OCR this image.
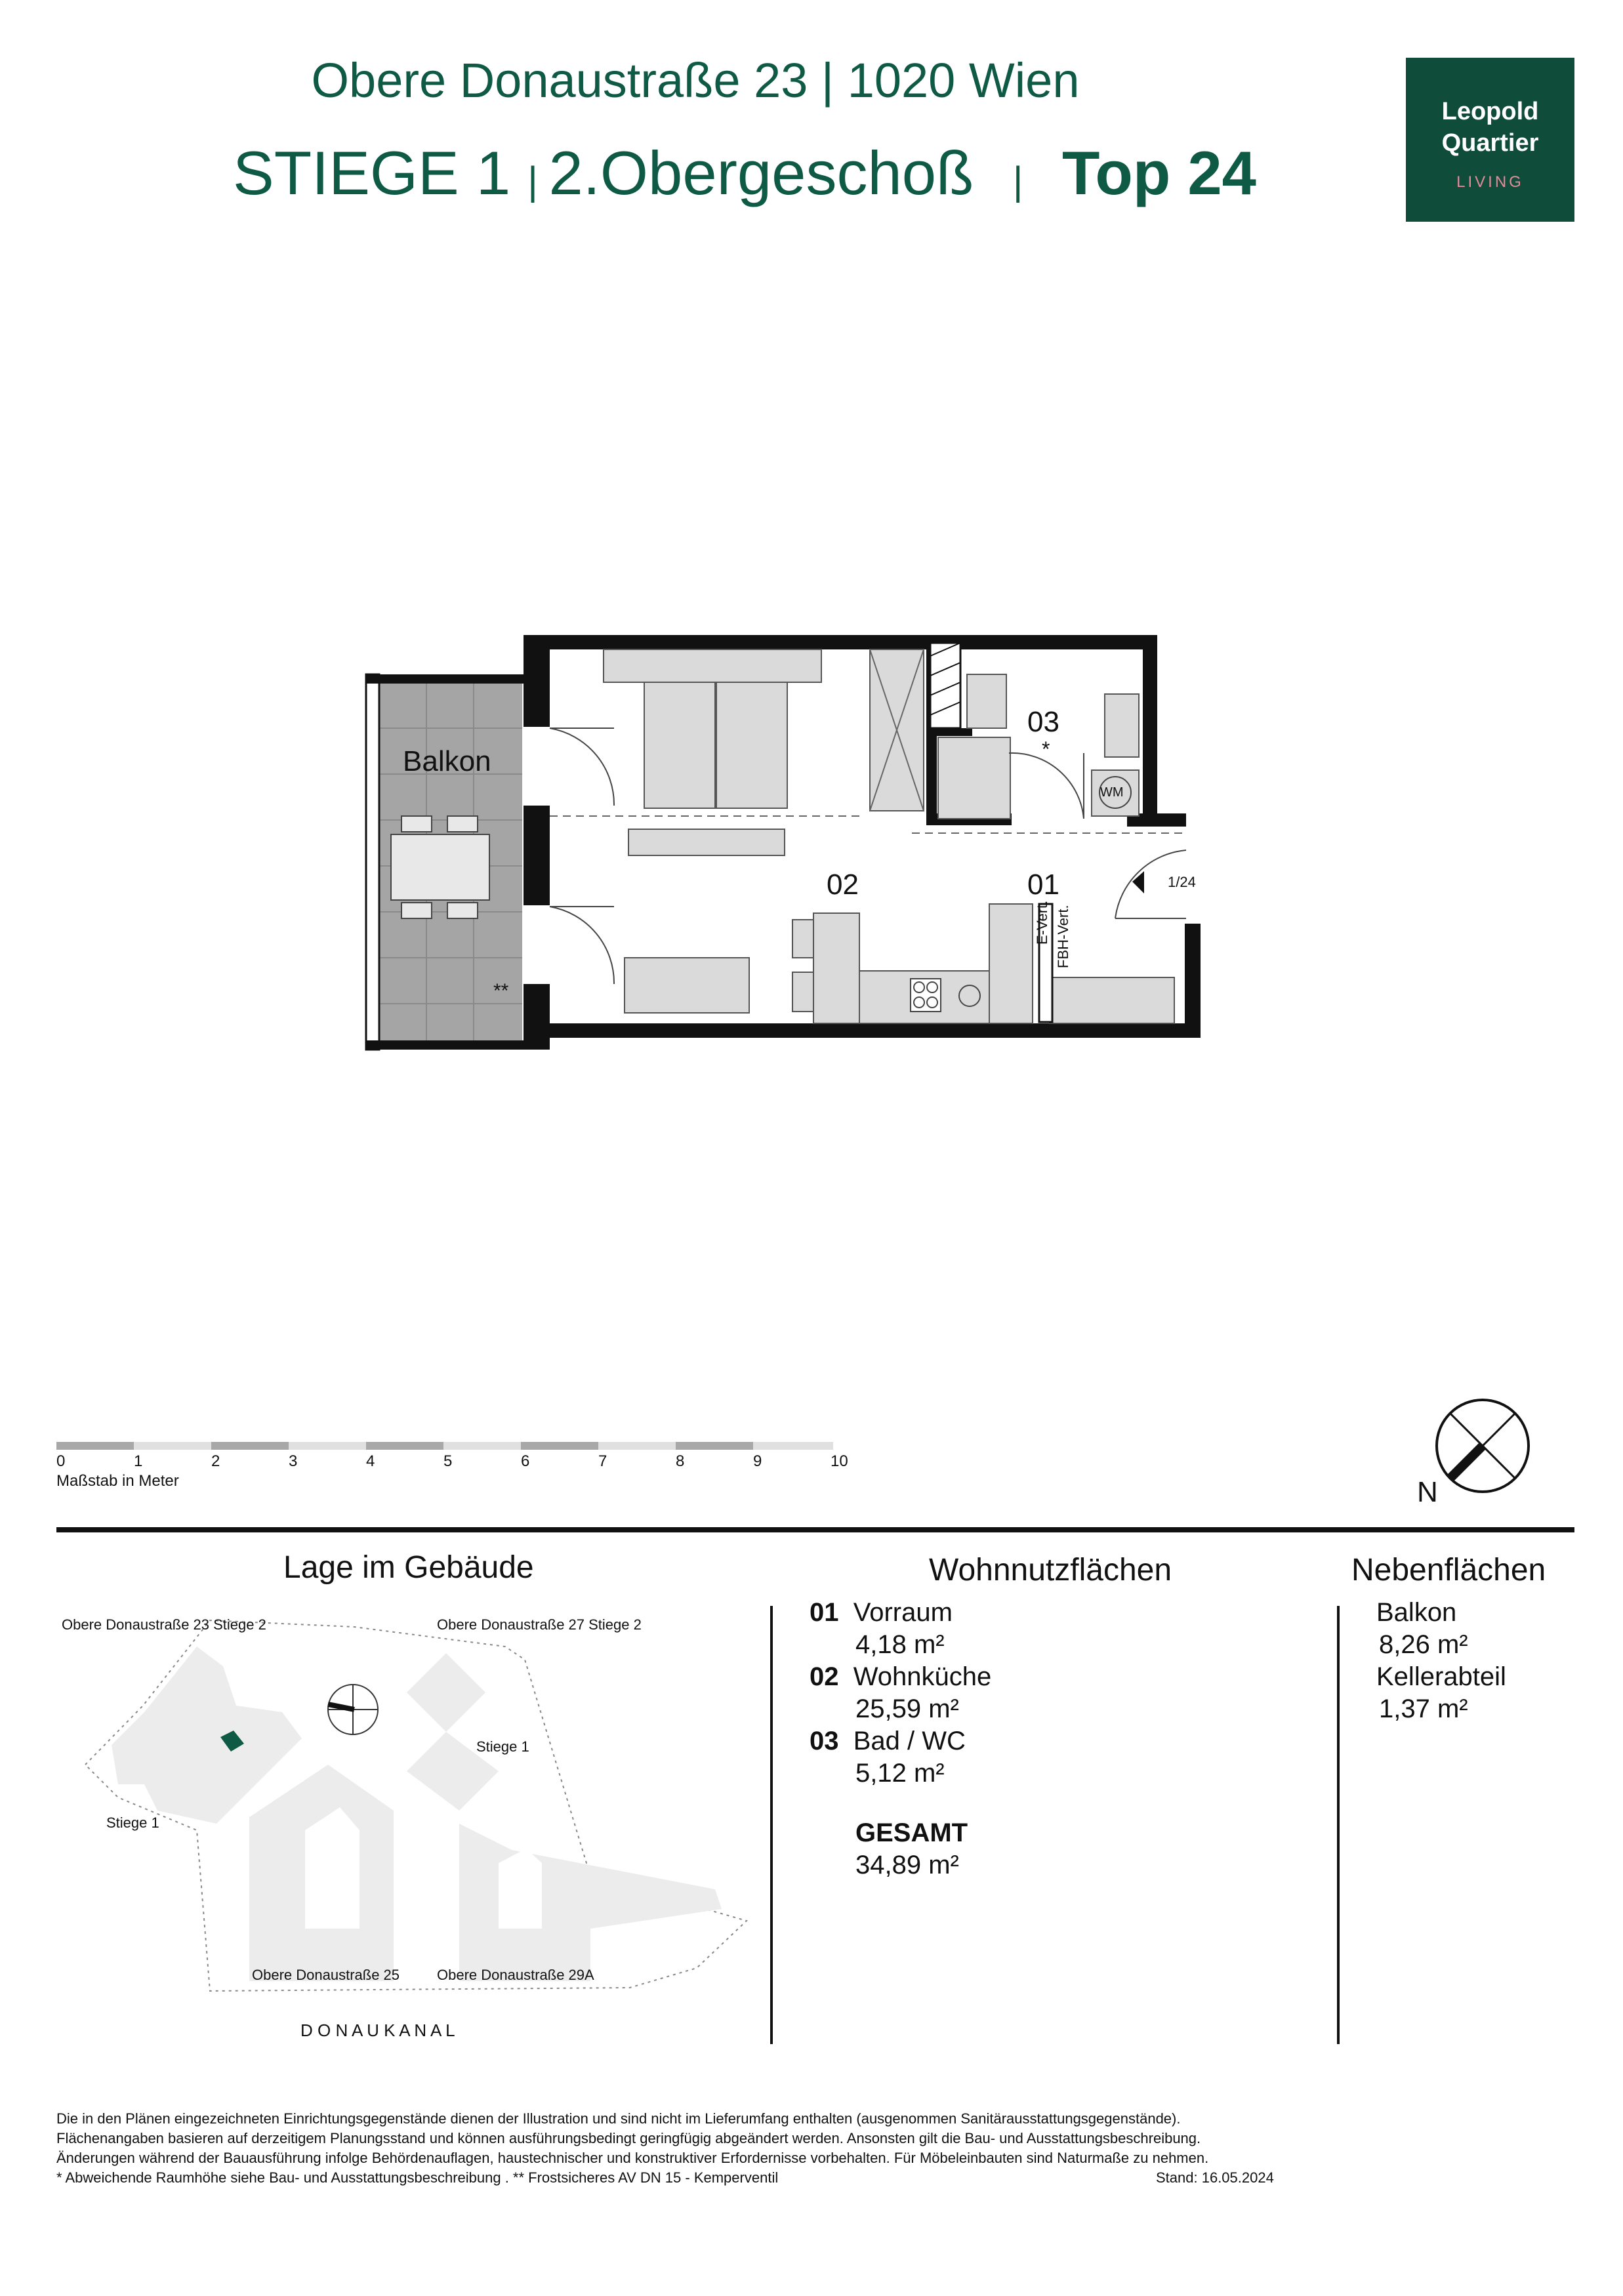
Obere Donaustraße 23 | 1020 Wien
STIEGE 1 | 2.Obergeschoß   |   Top 24
Leopold
Quartier
LIVING
Balkon
03
*
02	01
**
WM
1/24
E-Vert. FBH-Vert.
0	1	2	3	4	5	6	7	8	9	10
Maßstab in Meter	N
Lage im Gebäude	Wohnnutzflächen	Nebenflächen
Obere Donaustraße 23 Stiege 2	Obere Donaustraße 27 Stiege 2
Stiege 1
Stiege 1
Obere Donaustraße 25	Obere Donaustraße 29A
D O N A U K A N A L
01 Vorraum
4,18 m²
02 Wohnküche
25,59 m²
03 Bad / WC
5,12 m²
GESAMT
34,89 m²
Balkon
8,26 m²
Kellerabteil
1,37 m²
Die in den Plänen eingezeichneten Einrichtungsgegenstände dienen der Illustration und sind nicht im Lieferumfang enthalten (ausgenommen Sanitärausstattungsgegenstände).
Flächenangaben basieren auf derzeitigem Planungsstand und können ausführungsbedingt geringfügig abgeändert werden. Ansonsten gilt die Bau- und Ausstattungsbeschreibung.
Änderungen während der Bauausführung infolge Behördenauflagen, haustechnischer und konstruktiver Erfordernisse vorbehalten. Für Möbeleinbauten sind Naturmaße zu nehmen.
* Abweichende Raumhöhe siehe Bau- und Ausstattungsbeschreibung . ** Frostsicheres AV DN 15 - Kemperventil	Stand: 16.05.2024
